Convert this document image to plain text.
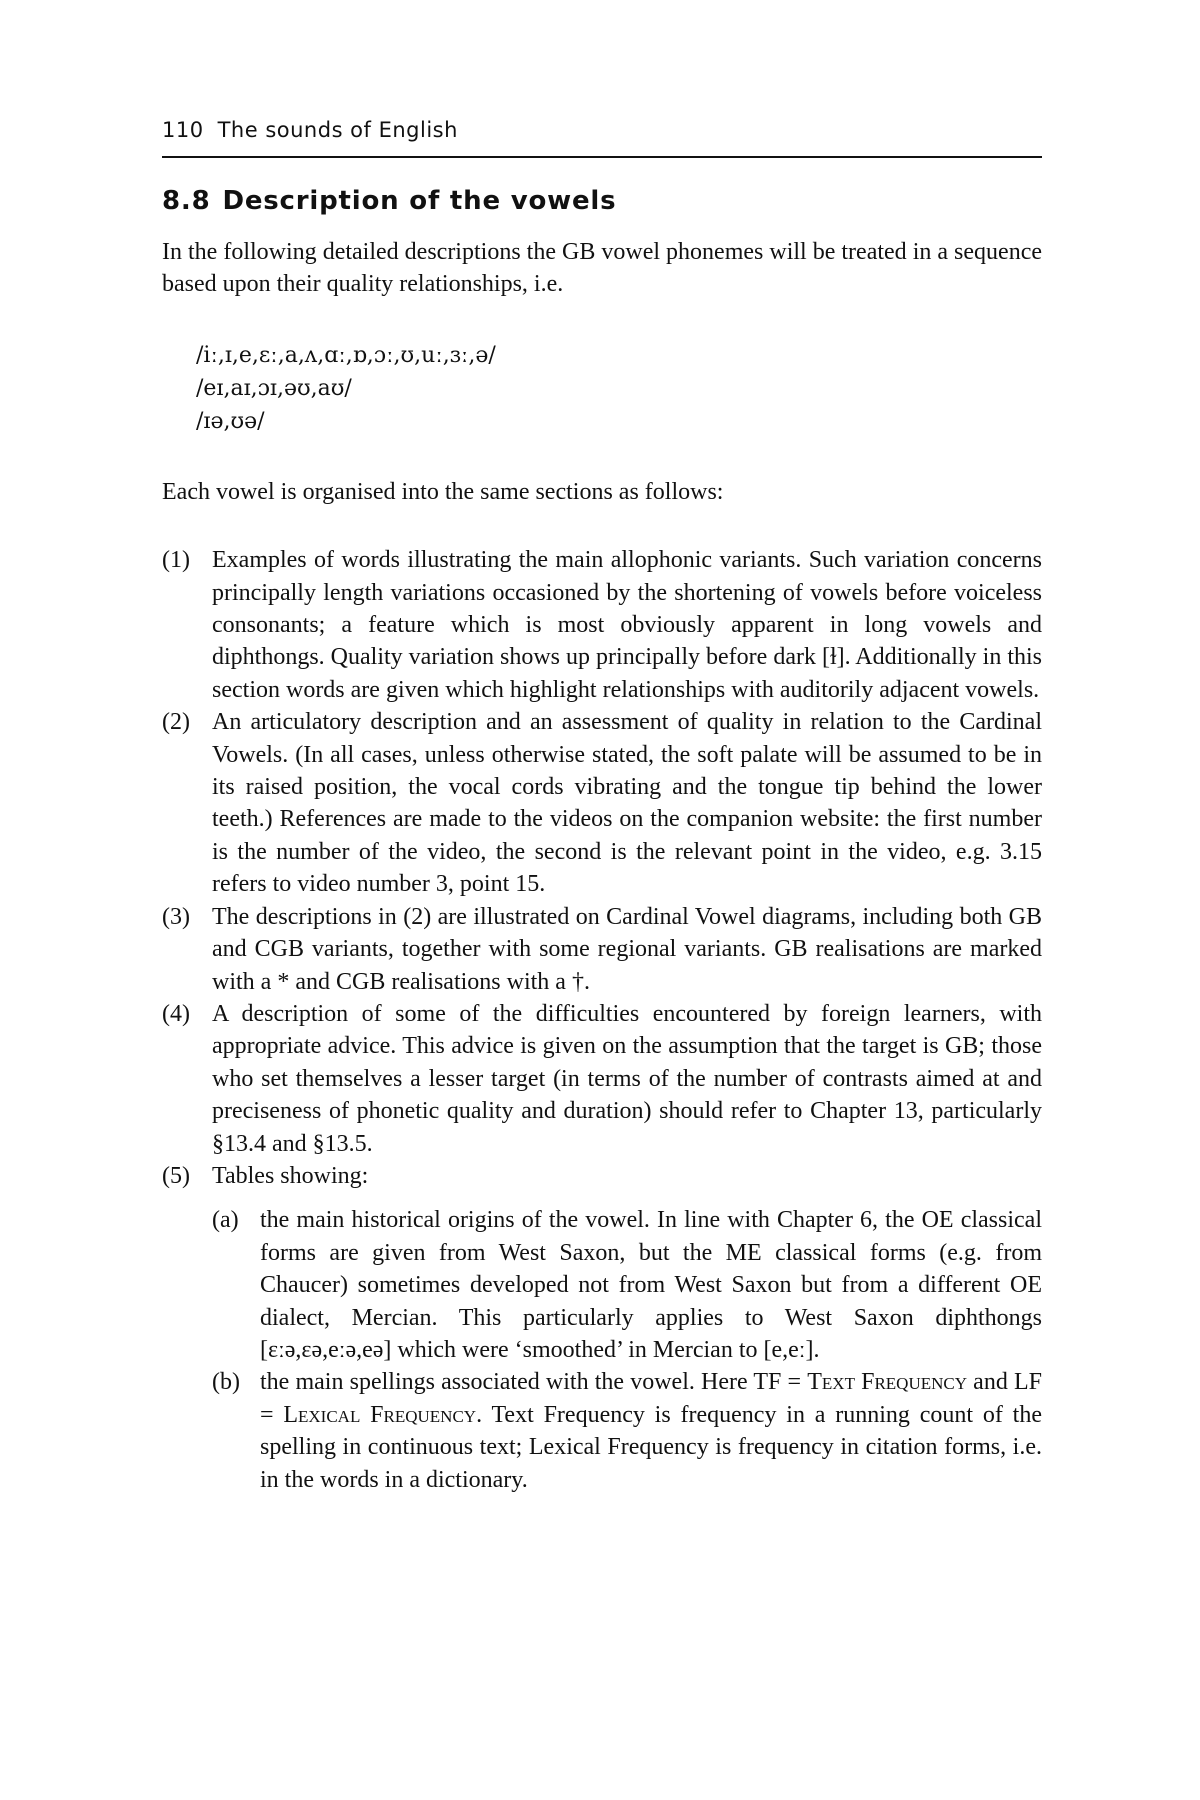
110 The sounds of English
8.8 Description of the vowels

In the following detailed descriptions the GB vowel phonemes will be treated in a sequence based upon their quality relationships, i.e.

/iː,ɪ,e,ɛː,a,ʌ,ɑː,ɒ,ɔː,ʊ,uː,ɜː,ə/
/eɪ,aɪ,ɔɪ,əʊ,aʊ/
/ɪə,ʊə/

Each vowel is organised into the same sections as follows:

(1) Examples of words illustrating the main allophonic variants. Such variation concerns principally length variations occasioned by the shortening of vowels before voiceless consonants; a feature which is most obviously apparent in long vowels and diphthongs. Quality variation shows up principally before dark [ɫ]. Additionally in this section words are given which highlight relationships with auditorily adjacent vowels.
(2) An articulatory description and an assessment of quality in relation to the Cardinal Vowels. (In all cases, unless otherwise stated, the soft palate will be assumed to be in its raised position, the vocal cords vibrating and the tongue tip behind the lower teeth.) References are made to the videos on the companion website: the first number is the number of the video, the second is the relevant point in the video, e.g. 3.15 refers to video number 3, point 15.
(3) The descriptions in (2) are illustrated on Cardinal Vowel diagrams, including both GB and CGB variants, together with some regional variants. GB realisations are marked with a * and CGB realisations with a †.
(4) A description of some of the difficulties encountered by foreign learners, with appropriate advice. This advice is given on the assumption that the target is GB; those who set themselves a lesser target (in terms of the number of contrasts aimed at and preciseness of phonetic quality and duration) should refer to Chapter 13, particularly §13.4 and §13.5.
(5) Tables showing:
(a) the main historical origins of the vowel. In line with Chapter 6, the OE classical forms are given from West Saxon, but the ME classical forms (e.g. from Chaucer) sometimes developed not from West Saxon but from a different OE dialect, Mercian. This particularly applies to West Saxon diphthongs [ɛːə,ɛə,eːə,eə] which were ‘smoothed’ in Mercian to [e,eː].
(b) the main spellings associated with the vowel. Here TF = Text Frequency and LF = Lexical Frequency. Text Frequency is frequency in a running count of the spelling in continuous text; Lexical Frequency is frequency in citation forms, i.e. in the words in a dictionary.
